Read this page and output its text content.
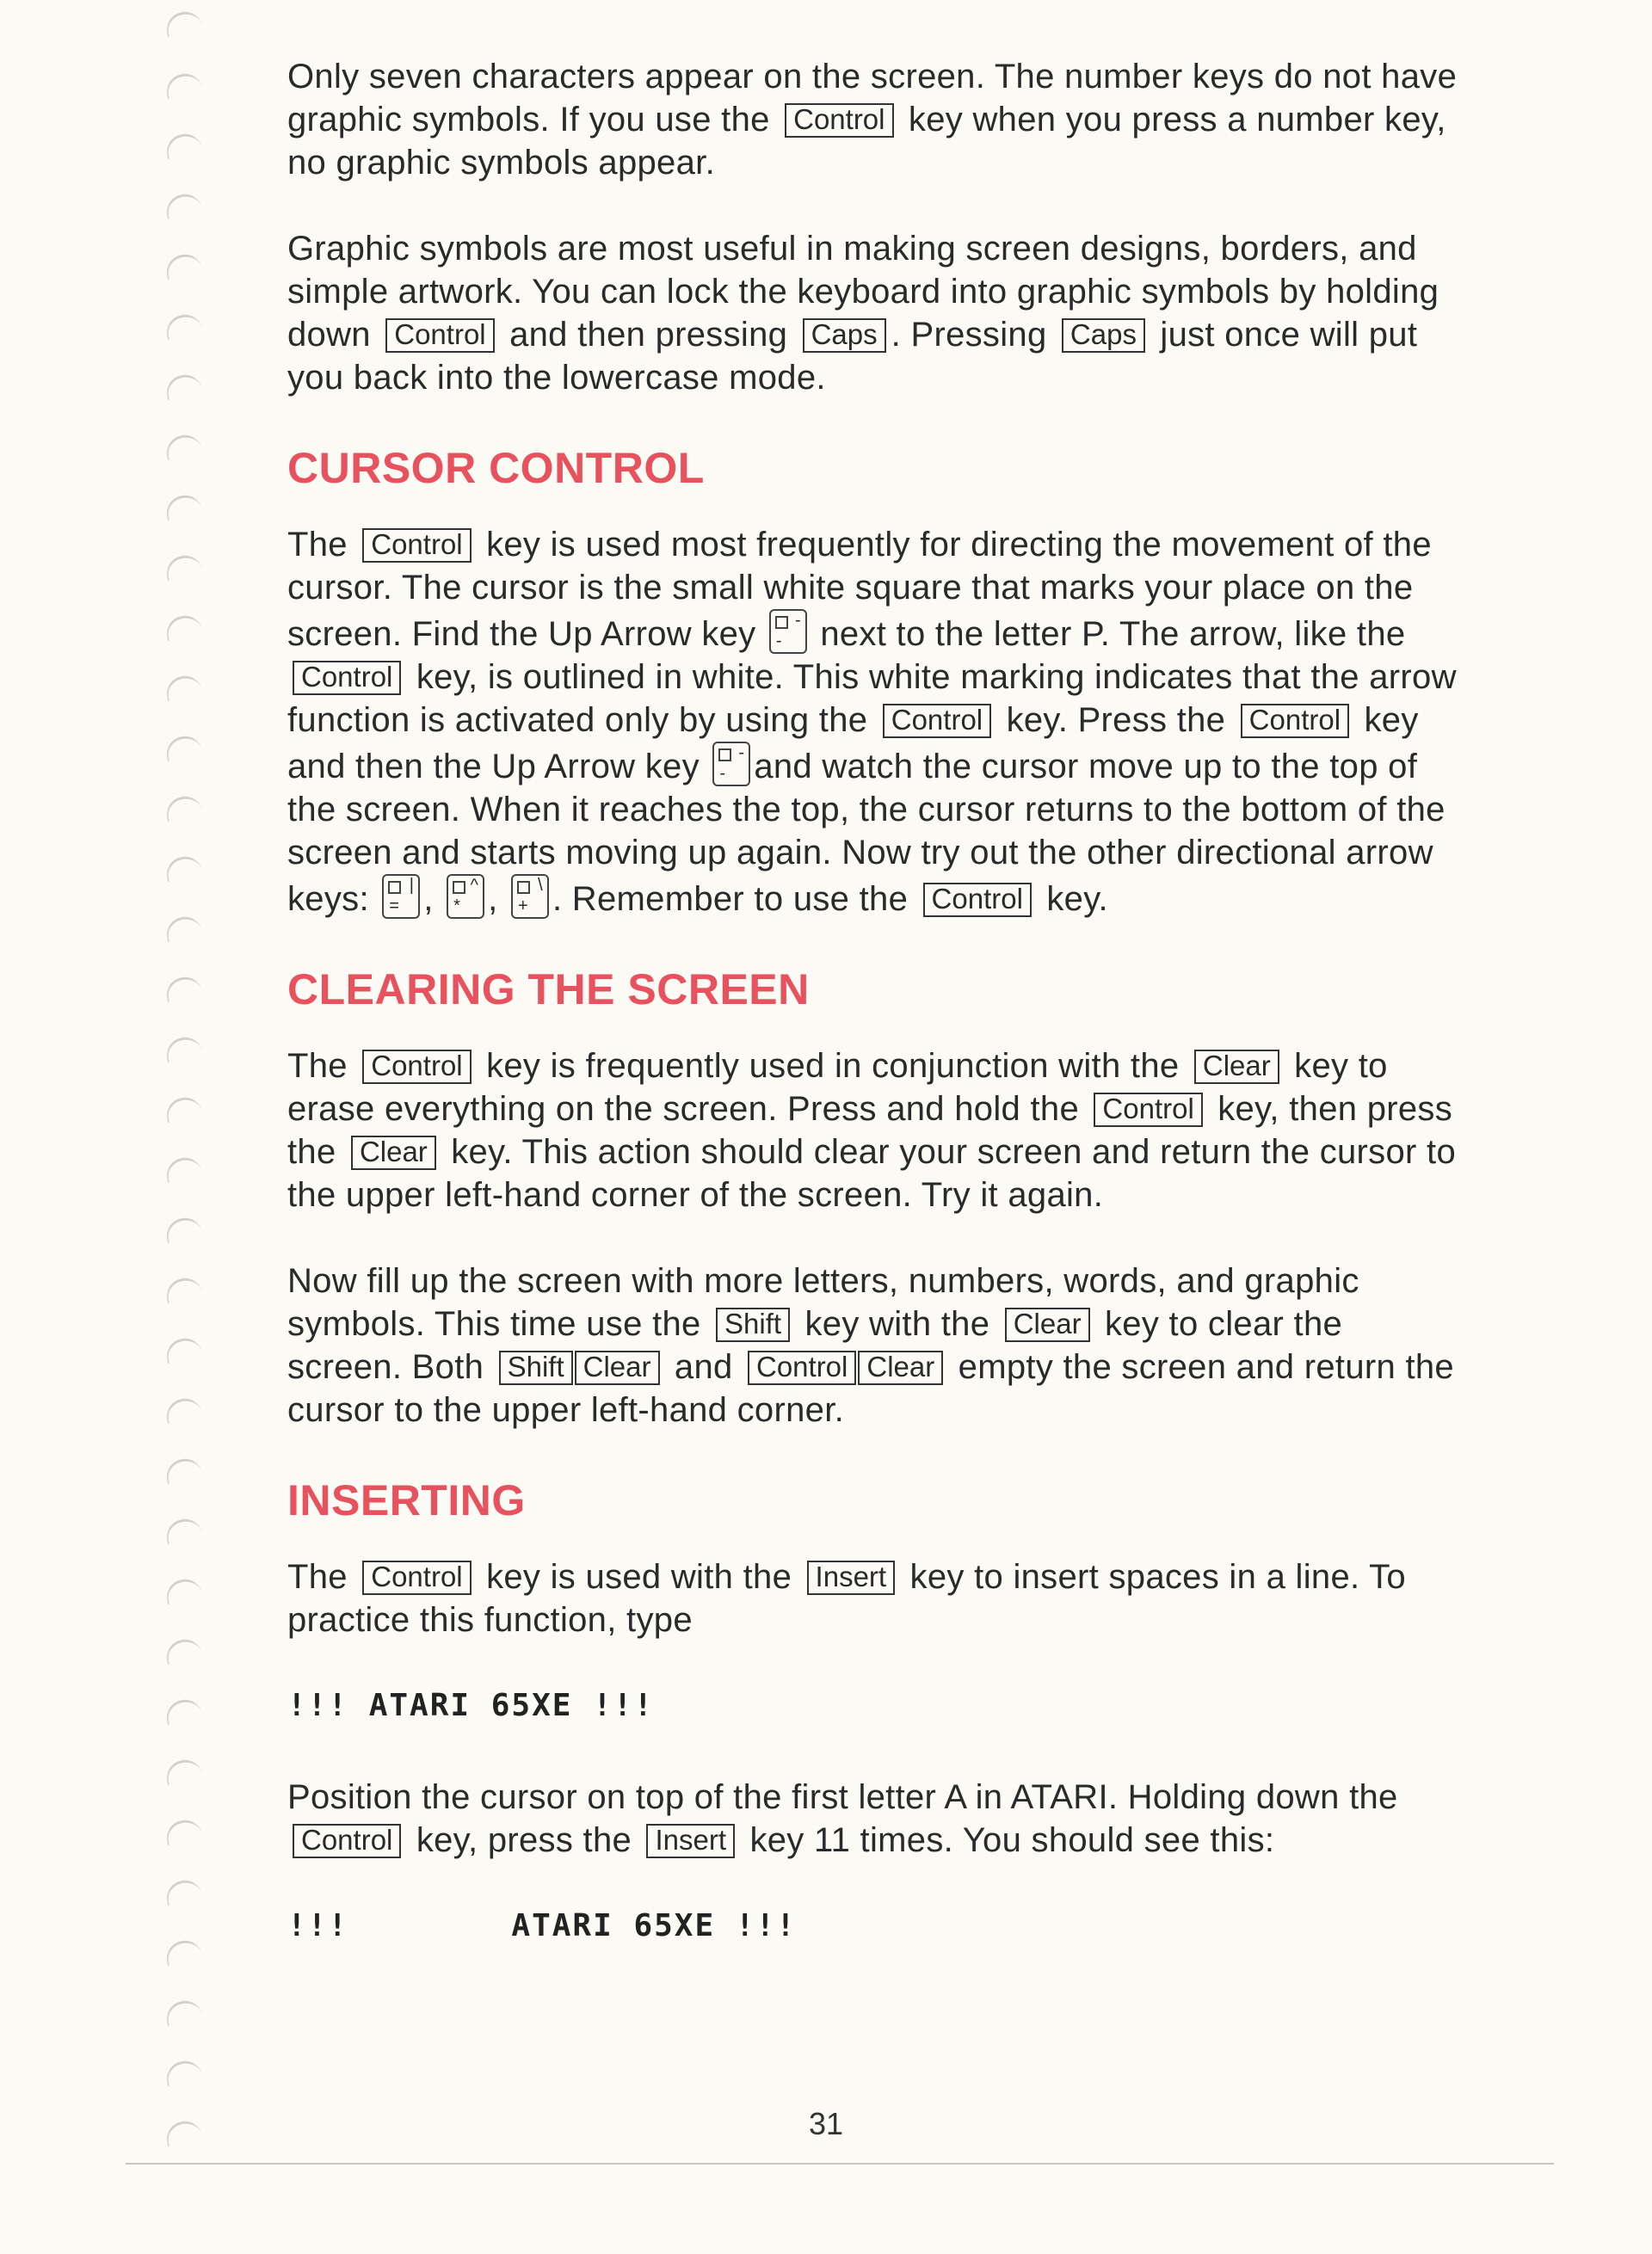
Only seven characters appear on the screen. The number keys do not have graphic symbols. If you use the Control key when you press a number key, no graphic symbols appear.

Graphic symbols are most useful in making screen designs, borders, and simple artwork. You can lock the keyboard into graphic symbols by holding down Control and then pressing Caps . Pressing Caps just once will put you back into the lowercase mode.

CURSOR CONTROL

The Control key is used most frequently for directing the movement of the cursor. The cursor is the small white square that marks your place on the screen. Find the Up Arrow key -
- next to the letter P. The arrow, like the Control key, is outlined in white. This white marking indicates that the arrow function is activated only by using the Control key. Press the Control key and then the Up Arrow key -
- and watch the cursor move up to the top of the screen. When it reaches the top, the cursor returns to the bottom of the screen and starts moving up again. Now try out the other directional arrow keys: |
= , ^
* , \
+ . Remember to use the Control key.

CLEARING THE SCREEN

The Control key is frequently used in conjunction with the Clear key to erase everything on the screen. Press and hold the Control key, then press the Clear key. This action should clear your screen and return the cursor to the upper left-hand corner of the screen. Try it again.

Now fill up the screen with more letters, numbers, words, and graphic symbols. This time use the Shift key with the Clear key to clear the screen. Both Shift Clear and Control Clear empty the screen and return the cursor to the upper left-hand corner.

INSERTING

The Control key is used with the Insert key to insert spaces in a line. To practice this function, type

!!! ATARI 65XE !!!

Position the cursor on top of the first letter A in ATARI. Holding down the Control key, press the Insert key 11 times. You should see this:

!!!        ATARI 65XE !!!
31
